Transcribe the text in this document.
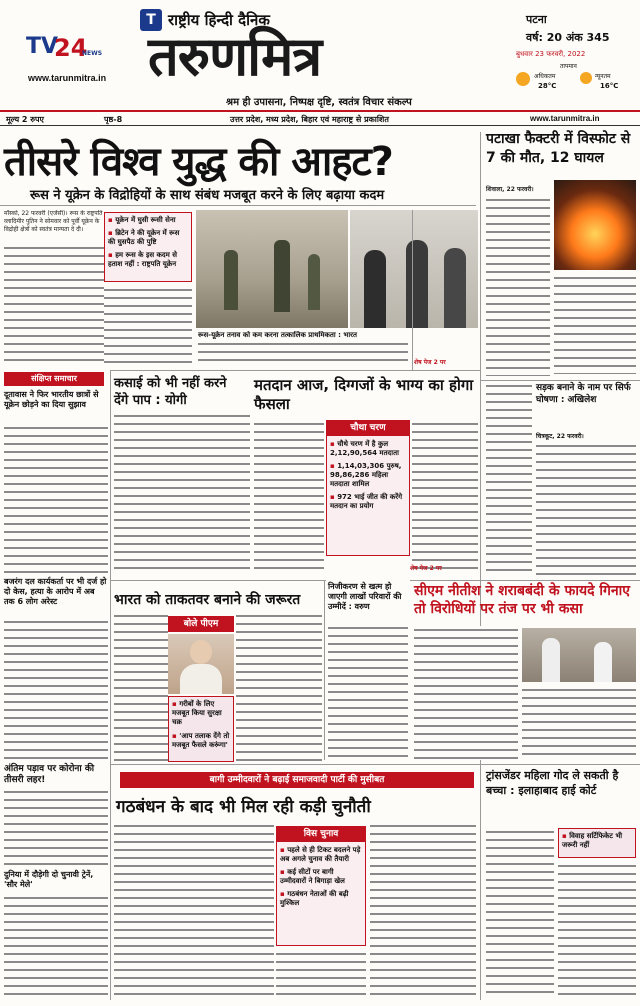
TV
24
NEWS
www.tarunmitra.in
T राष्ट्रीय हिन्दी दैनिक
तरुणमित्र
श्रम ही उपासना, निष्पक्ष दृष्टि, स्वतंत्र विचार संकल्प
पटना
वर्ष: 20 अंक 345
बुधवार 23 फरवरी, 2022
तापमान
अधिकतम
28°C
न्यूनतम
16°C
मूल्य 2 रुपए	पृष्ठ-8	उत्तर प्रदेश, मध्य प्रदेश, बिहार एवं महाराष्ट्र से प्रकाशित	www.tarunmitra.in
तीसरे विश्व युद्ध की आहट?
रूस ने यूक्रेन के विद्रोहियों के साथ संबंध मजबूत करने के लिए बढ़ाया कदम
मॉस्को, 22 फरवरी (एजेंसी)। रूस के राष्ट्रपति व्लादिमीर पुतिन ने सोमवार को पूर्वी यूक्रेन के विद्रोही क्षेत्रों को स्वतंत्र मान्यता दे दी।
▪ यूक्रेन में घुसी रूसी सेना
▪ ब्रिटेन ने की यूक्रेन में रूस की घुसपैठ की पुष्टि
▪ हम रूस के इस कदम से हताश नहीं : राष्ट्रपति यूक्रेन
रूस-यूक्रेन तनाव को कम करना तत्कालिक प्राथमिकता : भारत
शेष पेज 2 पर
पटाखा फैक्टरी में विस्फोट से 7 की मौत, 12 घायल
शिवाला, 22 फरवरी।
संक्षिप्त समाचार
दूतावास ने फिर भारतीय छात्रों से यूक्रेन छोड़ने का दिया सुझाव
बजरंग दल कार्यकर्ता पर भी दर्ज हो दो केस, हत्या के आरोप में अब तक 6 लोग अरेस्ट
दुनिया में दौड़ेगी दो चुनावी ट्रेनें, 'सौर मेले'
कसाई को भी नहीं करने देंगे पाप : योगी
मतदान आज, दिग्गजों के भाग्य का होगा फैसला
चौथा चरण
▪ चौथे चरण में है कुल 2,12,90,564 मतदाता
▪ 1,14,03,306 पुरुष, 98,86,286 महिला मतदाता शामिल
▪ 972 भाई जीत की करेंगे मतदान का प्रयोग
शेष पेज 2 पर
सड़क बनाने के नाम पर सिर्फ घोषणा : अखिलेश
चित्रकूट, 22 फरवरी।
भारत को ताकतवर बनाने की जरूरत
बोले पीएम
▪ गरीबों के लिए मजबूत किया सुरक्षा चक्र
▪ 'आप तलाक देंगे तो मजबूत फैसले करूंगा'
निजीकरण से खत्म हो जाएगी लाखों परिवारों की उम्मीदें : वरुण
सीएम नीतीश ने शराबबंदी के फायदे गिनाए तो विरोधियों पर तंज पर भी कसा
अंतिम पड़ाव पर कोरोना की तीसरी लहर!	बागी उम्मीदवारों ने बढ़ाई समाजवादी पार्टी की मुसीबत
गठबंधन के बाद भी मिल रही कड़ी चुनौती
विस चुनाव
▪ पहले से ही टिकट बदलने पड़े अब अगले चुनाव की तैयारी
▪ कई सीटों पर बागी उम्मीदवारों ने बिगाड़ा खेल
▪ गठबंधन नेताओं की बढ़ी मुश्किल
ट्रांसजेंडर महिला गोद ले सकती है बच्चा : इलाहाबाद हाई कोर्ट
▪ विवाह सर्टिफिकेट भी जरूरी नहीं
